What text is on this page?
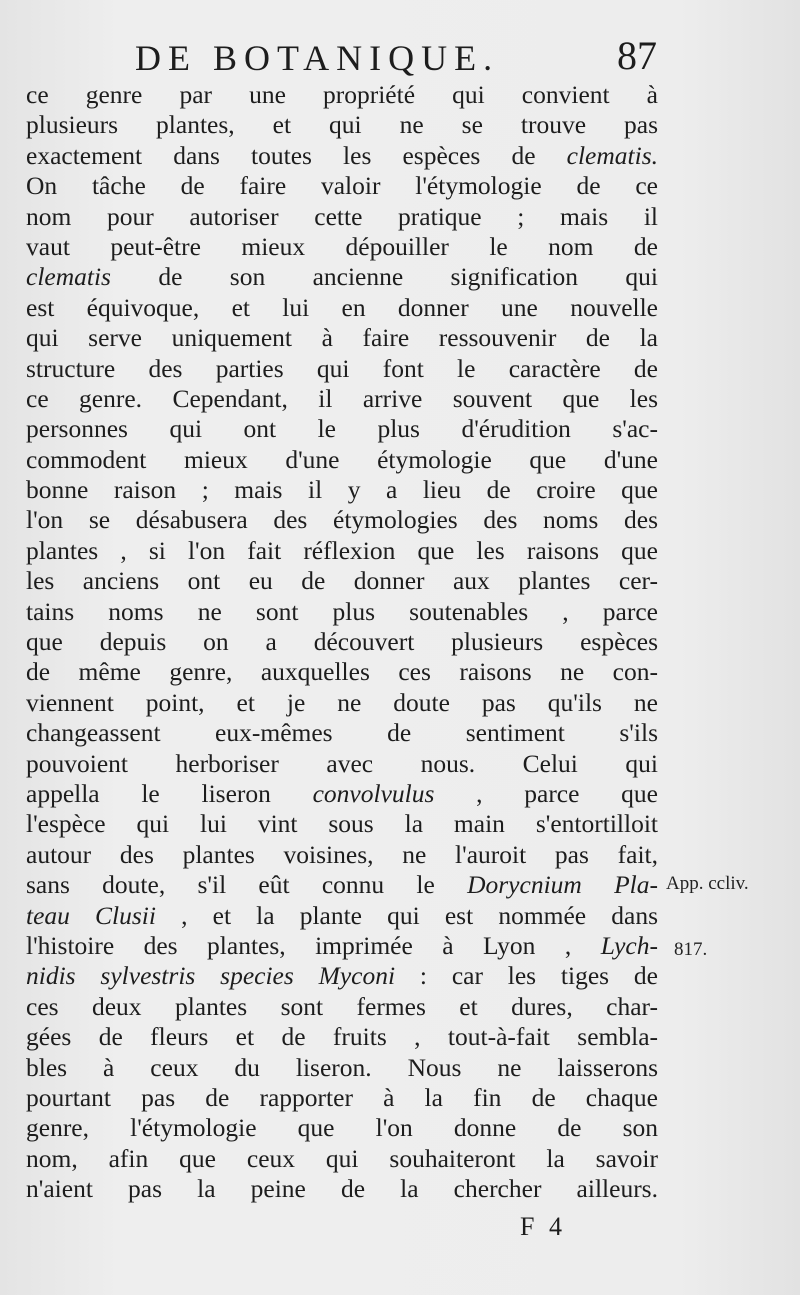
DE BOTANIQUE.	87
ce genre par une propriété qui convient à
plusieurs plantes, et qui ne se trouve pas
exactement dans toutes les espèces de clematis.
On tâche de faire valoir l'étymologie de ce
nom pour autoriser cette pratique ; mais il
vaut peut-être mieux dépouiller le nom de
clematis de son ancienne signification qui
est équivoque, et lui en donner une nouvelle
qui serve uniquement à faire ressouvenir de la
structure des parties qui font le caractère de
ce genre. Cependant, il arrive souvent que les
personnes qui ont le plus d'érudition s'ac-
commodent mieux d'une étymologie que d'une
bonne raison ; mais il y a lieu de croire que
l'on se désabusera des étymologies des noms des
plantes , si l'on fait réflexion que les raisons que
les anciens ont eu de donner aux plantes cer-
tains noms ne sont plus soutenables , parce
que depuis on a découvert plusieurs espèces
de même genre, auxquelles ces raisons ne con-
viennent point, et je ne doute pas qu'ils ne
changeassent eux-mêmes de sentiment s'ils
pouvoient herboriser avec nous. Celui qui
appella le liseron convolvulus , parce que
l'espèce qui lui vint sous la main s'entortilloit
autour des plantes voisines, ne l'auroit pas fait,
sans doute, s'il eût connu le Dorycnium Pla-
teau Clusii , et la plante qui est nommée dans
l'histoire des plantes, imprimée à Lyon , Lych-
nidis sylvestris species Myconi : car les tiges de
ces deux plantes sont fermes et dures, char-
gées de fleurs et de fruits , tout-à-fait sembla-
bles à ceux du liseron. Nous ne laisserons
pourtant pas de rapporter à la fin de chaque
genre, l'étymologie que l'on donne de son
nom, afin que ceux qui souhaiteront la savoir
n'aient pas la peine de la chercher ailleurs.
App. ccliv.
817.
F 4
